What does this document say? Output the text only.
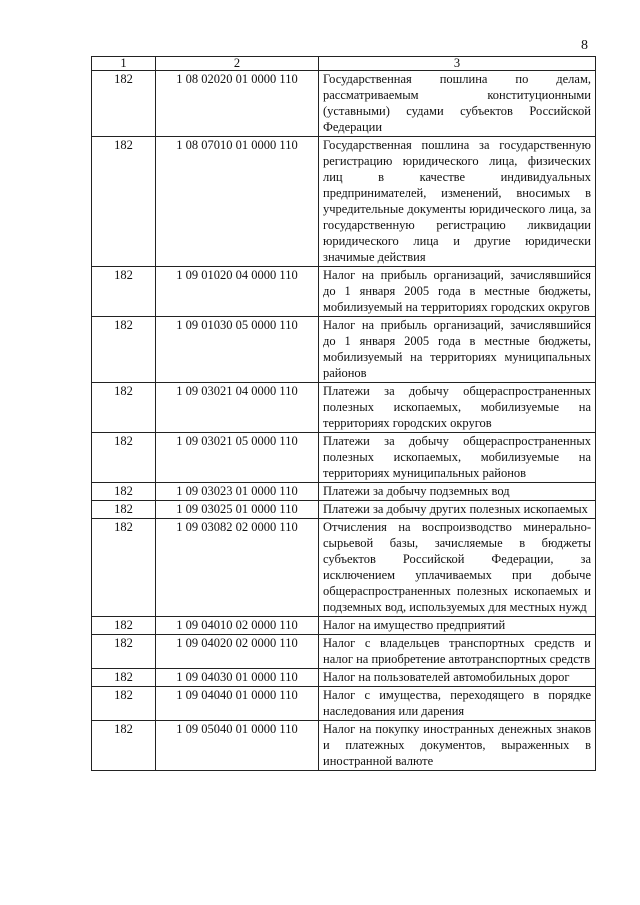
8
1	2	3
182	1 08 02020 01 0000 110	Государственная пошлина по делам, рассматриваемым конституционными (уставными) судами субъектов Российской Федерации
182	1 08 07010 01 0000 110	Государственная пошлина за государственную регистрацию юридического лица, физических лиц в качестве индивидуальных предпринимателей, изменений, вносимых в учредительные документы юридического лица, за государственную регистрацию ликвидации юридического лица и другие юридически значимые действия
182	1 09 01020 04 0000 110	Налог на прибыль организаций, зачислявшийся до 1 января 2005 года в местные бюджеты, мобилизуемый на территориях городских округов
182	1 09 01030 05 0000 110	Налог на прибыль организаций, зачислявшийся до 1 января 2005 года в местные бюджеты, мобилизуемый на территориях муниципальных районов
182	1 09 03021 04 0000 110	Платежи за добычу общераспространенных полезных ископаемых, мобилизуемые на территориях городских округов
182	1 09 03021 05 0000 110	Платежи за добычу общераспространенных полезных ископаемых, мобилизуемые на территориях муниципальных районов
182	1 09 03023 01 0000 110	Платежи за добычу подземных вод
182	1 09 03025 01 0000 110	Платежи за добычу других полезных ископаемых
182	1 09 03082 02 0000 110	Отчисления на воспроизводство минерально-сырьевой базы, зачисляемые в бюджеты субъектов Российской Федерации, за исключением уплачиваемых при добыче общераспространенных полезных ископаемых и подземных вод, используемых для местных нужд
182	1 09 04010 02 0000 110	Налог на имущество предприятий
182	1 09 04020 02 0000 110	Налог с владельцев транспортных средств и налог на приобретение автотранспортных средств
182	1 09 04030 01 0000 110	Налог на пользователей автомобильных дорог
182	1 09 04040 01 0000 110	Налог с имущества, переходящего в порядке наследования или дарения
182	1 09 05040 01 0000 110	Налог на покупку иностранных денежных знаков и платежных документов, выраженных в иностранной валюте
